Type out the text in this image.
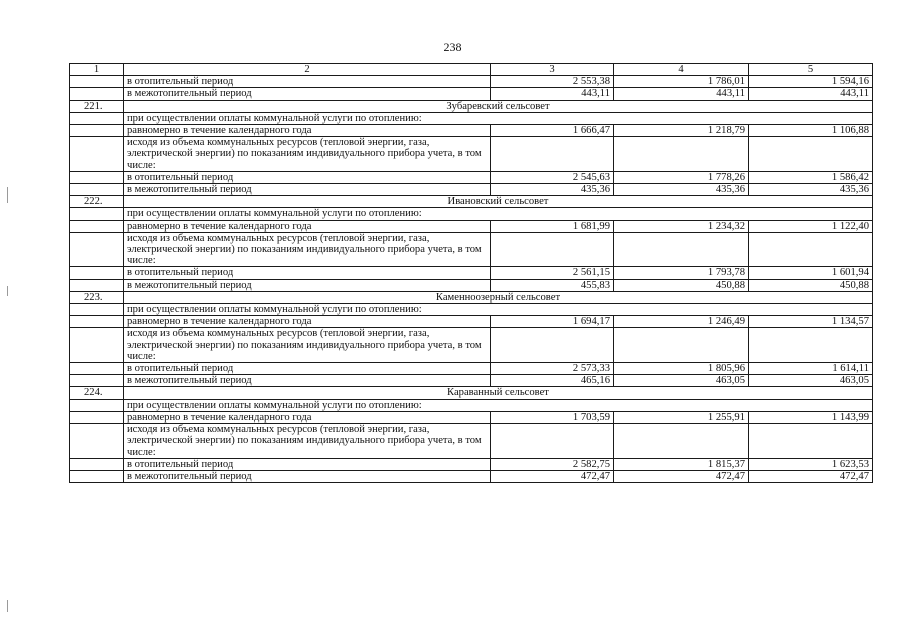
238
1	2	3	4	5
	в отопительный период	2 553,38	1 786,01	1 594,16
	в межотопительный период	443,11	443,11	443,11
221.	Зубаревский сельсовет			
	при осуществлении оплаты коммунальной услуги по отоплению:			
	равномерно в течение календарного года	1 666,47	1 218,79	1 106,88
	исходя из объема коммунальных ресурсов (тепловой энергии, газа, электрической энергии) по показаниям индивидуального прибора учета, в том числе:			
	в отопительный период	2 545,63	1 778,26	1 586,42
	в межотопительный период	435,36	435,36	435,36
222.	Ивановский сельсовет			
	при осуществлении оплаты коммунальной услуги по отоплению:			
	равномерно в течение календарного года	1 681,99	1 234,32	1 122,40
	исходя из объема коммунальных ресурсов (тепловой энергии, газа, электрической энергии) по показаниям индивидуального прибора учета, в том числе:			
	в отопительный период	2 561,15	1 793,78	1 601,94
	в межотопительный период	455,83	450,88	450,88
223.	Каменноозерный сельсовет			
	при осуществлении оплаты коммунальной услуги по отоплению:			
	равномерно в течение календарного года	1 694,17	1 246,49	1 134,57
	исходя из объема коммунальных ресурсов (тепловой энергии, газа, электрической энергии) по показаниям индивидуального прибора учета, в том числе:			
	в отопительный период	2 573,33	1 805,96	1 614,11
	в межотопительный период	465,16	463,05	463,05
224.	Караванный сельсовет			
	при осуществлении оплаты коммунальной услуги по отоплению:			
	равномерно в течение календарного года	1 703,59	1 255,91	1 143,99
	исходя из объема коммунальных ресурсов (тепловой энергии, газа, электрической энергии) по показаниям индивидуального прибора учета, в том числе:			
	в отопительный период	2 582,75	1 815,37	1 623,53
	в межотопительный период	472,47	472,47	472,47
